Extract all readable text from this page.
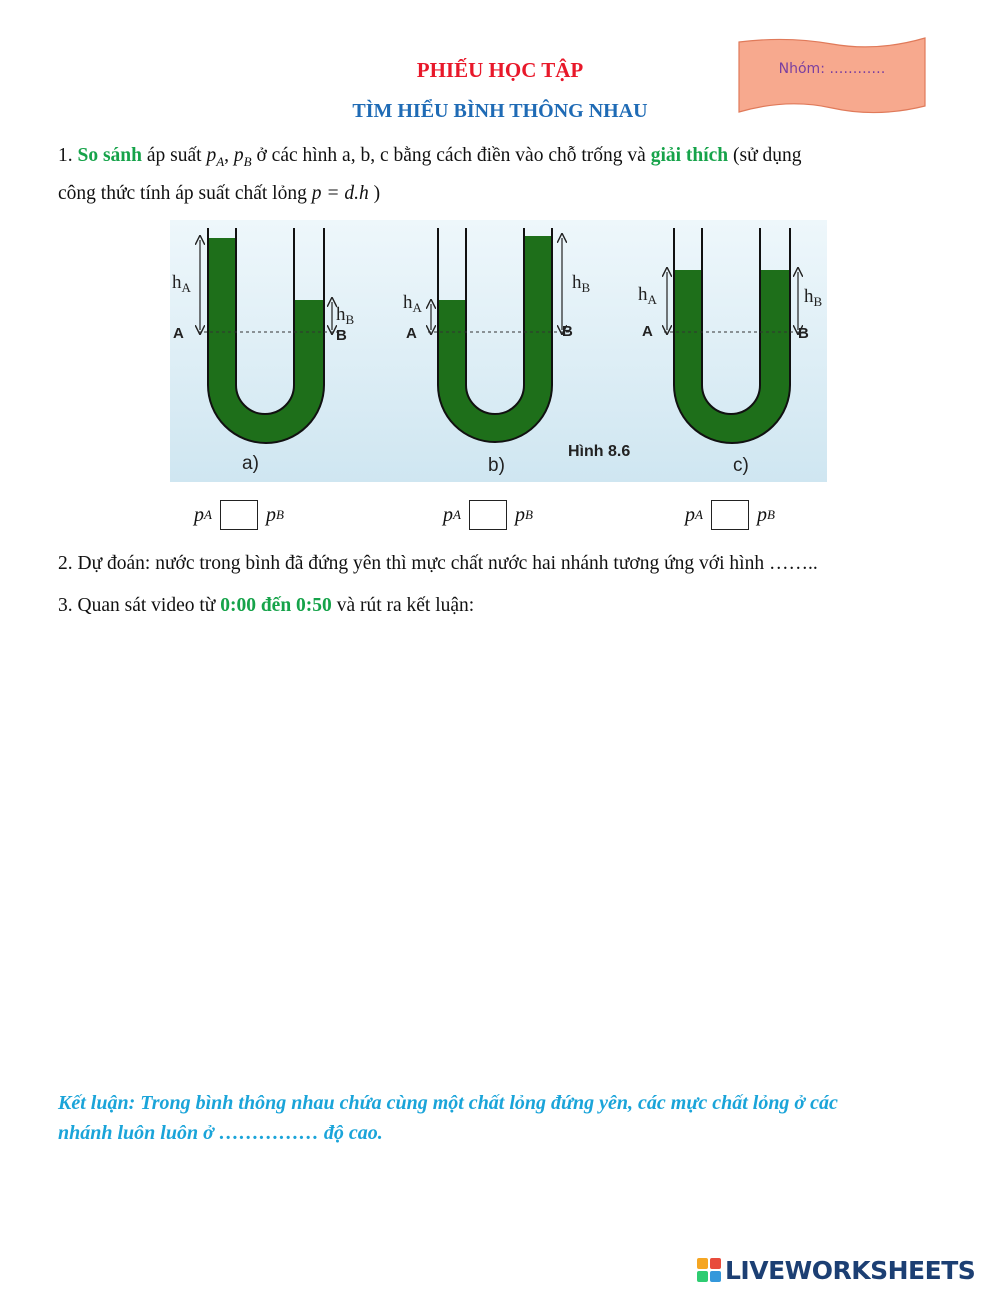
PHIẾU HỌC TẬP
TÌM HIỂU BÌNH THÔNG NHAU
Nhóm: …………
1. So sánh áp suất $p_A$, $p_B$ ở các hình a, b, c bằng cách điền vào chỗ trống và giải thích (sử dụng
công thức tính áp suất chất lỏng p = d.h )
$h_A$
$h_B$
A	B
a)
$h_A$
$h_B$
A	B
b)
$h_A$	$h_B$
A	B
c)
Hình 8.6
p A	p B	p A	p B	p A	p B
2. Dự đoán: nước trong bình đã đứng yên thì mực chất nước hai nhánh tương ứng với hình ……..
3. Quan sát video từ 0:00 đến 0:50 và rút ra kết luận:
Kết luận: Trong bình thông nhau chứa cùng một chất lỏng đứng yên, các mực chất lỏng ở các
nhánh luôn luôn ở …………… độ cao.
LIVEWORKSHEETS
